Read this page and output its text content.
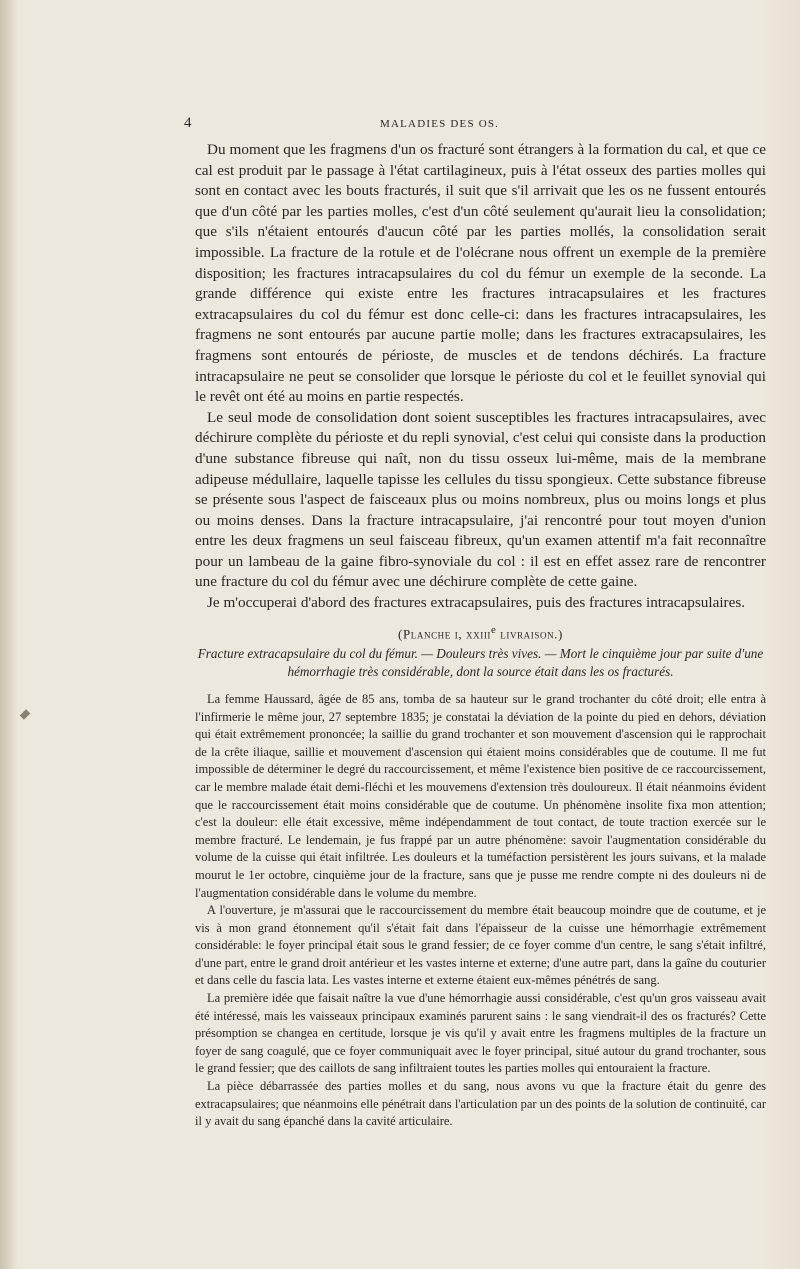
4	MALADIES DES OS.

Du moment que les fragmens d'un os fracturé sont étrangers à la formation du cal, et que ce cal est produit par le passage à l'état cartilagineux, puis à l'état osseux des parties molles qui sont en contact avec les bouts fracturés, il suit que s'il arrivait que les os ne fussent entourés que d'un côté par les parties molles, c'est d'un côté seulement qu'aurait lieu la consolidation; que s'ils n'étaient entourés d'aucun côté par les parties mollés, la consolidation serait impossible. La fracture de la rotule et de l'olécrane nous offrent un exemple de la première disposition; les fractures intracapsulaires du col du fémur un exemple de la seconde. La grande différence qui existe entre les fractures intracapsulaires et les fractures extracapsulaires du col du fémur est donc celle-ci: dans les fractures intracapsulaires, les fragmens ne sont entourés par aucune partie molle; dans les fractures extracapsulaires, les fragmens sont entourés de périoste, de muscles et de tendons déchirés. La fracture intracapsulaire ne peut se consolider que lorsque le périoste du col et le feuillet synovial qui le revêt ont été au moins en partie respectés.

Le seul mode de consolidation dont soient susceptibles les fractures intracapsulaires, avec déchirure complète du périoste et du repli synovial, c'est celui qui consiste dans la production d'une substance fibreuse qui naît, non du tissu osseux lui-même, mais de la membrane adipeuse médullaire, laquelle tapisse les cellules du tissu spongieux. Cette substance fibreuse se présente sous l'aspect de faisceaux plus ou moins nombreux, plus ou moins longs et plus ou moins denses. Dans la fracture intracapsulaire, j'ai rencontré pour tout moyen d'union entre les deux fragmens un seul faisceau fibreux, qu'un examen attentif m'a fait reconnaître pour un lambeau de la gaine fibro-synoviale du col : il est en effet assez rare de rencontrer une fracture du col du fémur avec une déchirure complète de cette gaine.

Je m'occuperai d'abord des fractures extracapsulaires, puis des fractures intracapsulaires.

(Planche i, xxiii$^e$ livraison.)

Fracture extracapsulaire du col du fémur. — Douleurs très vives. — Mort le cinquième jour par suite d'une hémorrhagie très considérable, dont la source était dans les os fracturés.

La femme Haussard, âgée de 85 ans, tomba de sa hauteur sur le grand trochanter du côté droit; elle entra à l'infirmerie le même jour, 27 septembre 1835; je constatai la déviation de la pointe du pied en dehors, déviation qui était extrêmement prononcée; la saillie du grand trochanter et son mouvement d'ascension qui le rapprochait de la crête iliaque, saillie et mouvement d'ascension qui étaient moins considérables que de coutume. Il me fut impossible de déterminer le degré du raccourcissement, et même l'existence bien positive de ce raccourcissement, car le membre malade était demi-fléchi et les mouvemens d'extension très douloureux. Il était néanmoins évident que le raccourcissement était moins considérable que de coutume. Un phénomène insolite fixa mon attention; c'est la douleur: elle était excessive, même indépendamment de tout contact, de toute traction exercée sur le membre fracturé. Le lendemain, je fus frappé par un autre phénomène: savoir l'augmentation considérable du volume de la cuisse qui était infiltrée. Les douleurs et la tuméfaction persistèrent les jours suivans, et la malade mourut le 1er octobre, cinquième jour de la fracture, sans que je pusse me rendre compte ni des douleurs ni de l'augmentation considérable dans le volume du membre.

A l'ouverture, je m'assurai que le raccourcissement du membre était beaucoup moindre que de coutume, et je vis à mon grand étonnement qu'il s'était fait dans l'épaisseur de la cuisse une hémorrhagie extrêmement considérable: le foyer principal était sous le grand fessier; de ce foyer comme d'un centre, le sang s'était infiltré, d'une part, entre le grand droit antérieur et les vastes interne et externe; d'une autre part, dans la gaîne du couturier et dans celle du fascia lata. Les vastes interne et externe étaient eux-mêmes pénétrés de sang.

La première idée que faisait naître la vue d'une hémorrhagie aussi considérable, c'est qu'un gros vaisseau avait été intéressé, mais les vaisseaux principaux examinés parurent sains : le sang viendrait-il des os fracturés? Cette présomption se changea en certitude, lorsque je vis qu'il y avait entre les fragmens multiples de la fracture un foyer de sang coagulé, que ce foyer communiquait avec le foyer principal, situé autour du grand trochanter, sous le grand fessier; que des caillots de sang infiltraient toutes les parties molles qui entouraient la fracture.

La pièce débarrassée des parties molles et du sang, nous avons vu que la fracture était du genre des extracapsulaires; que néanmoins elle pénétrait dans l'articulation par un des points de la solution de continuité, car il y avait du sang épanché dans la cavité articulaire.
